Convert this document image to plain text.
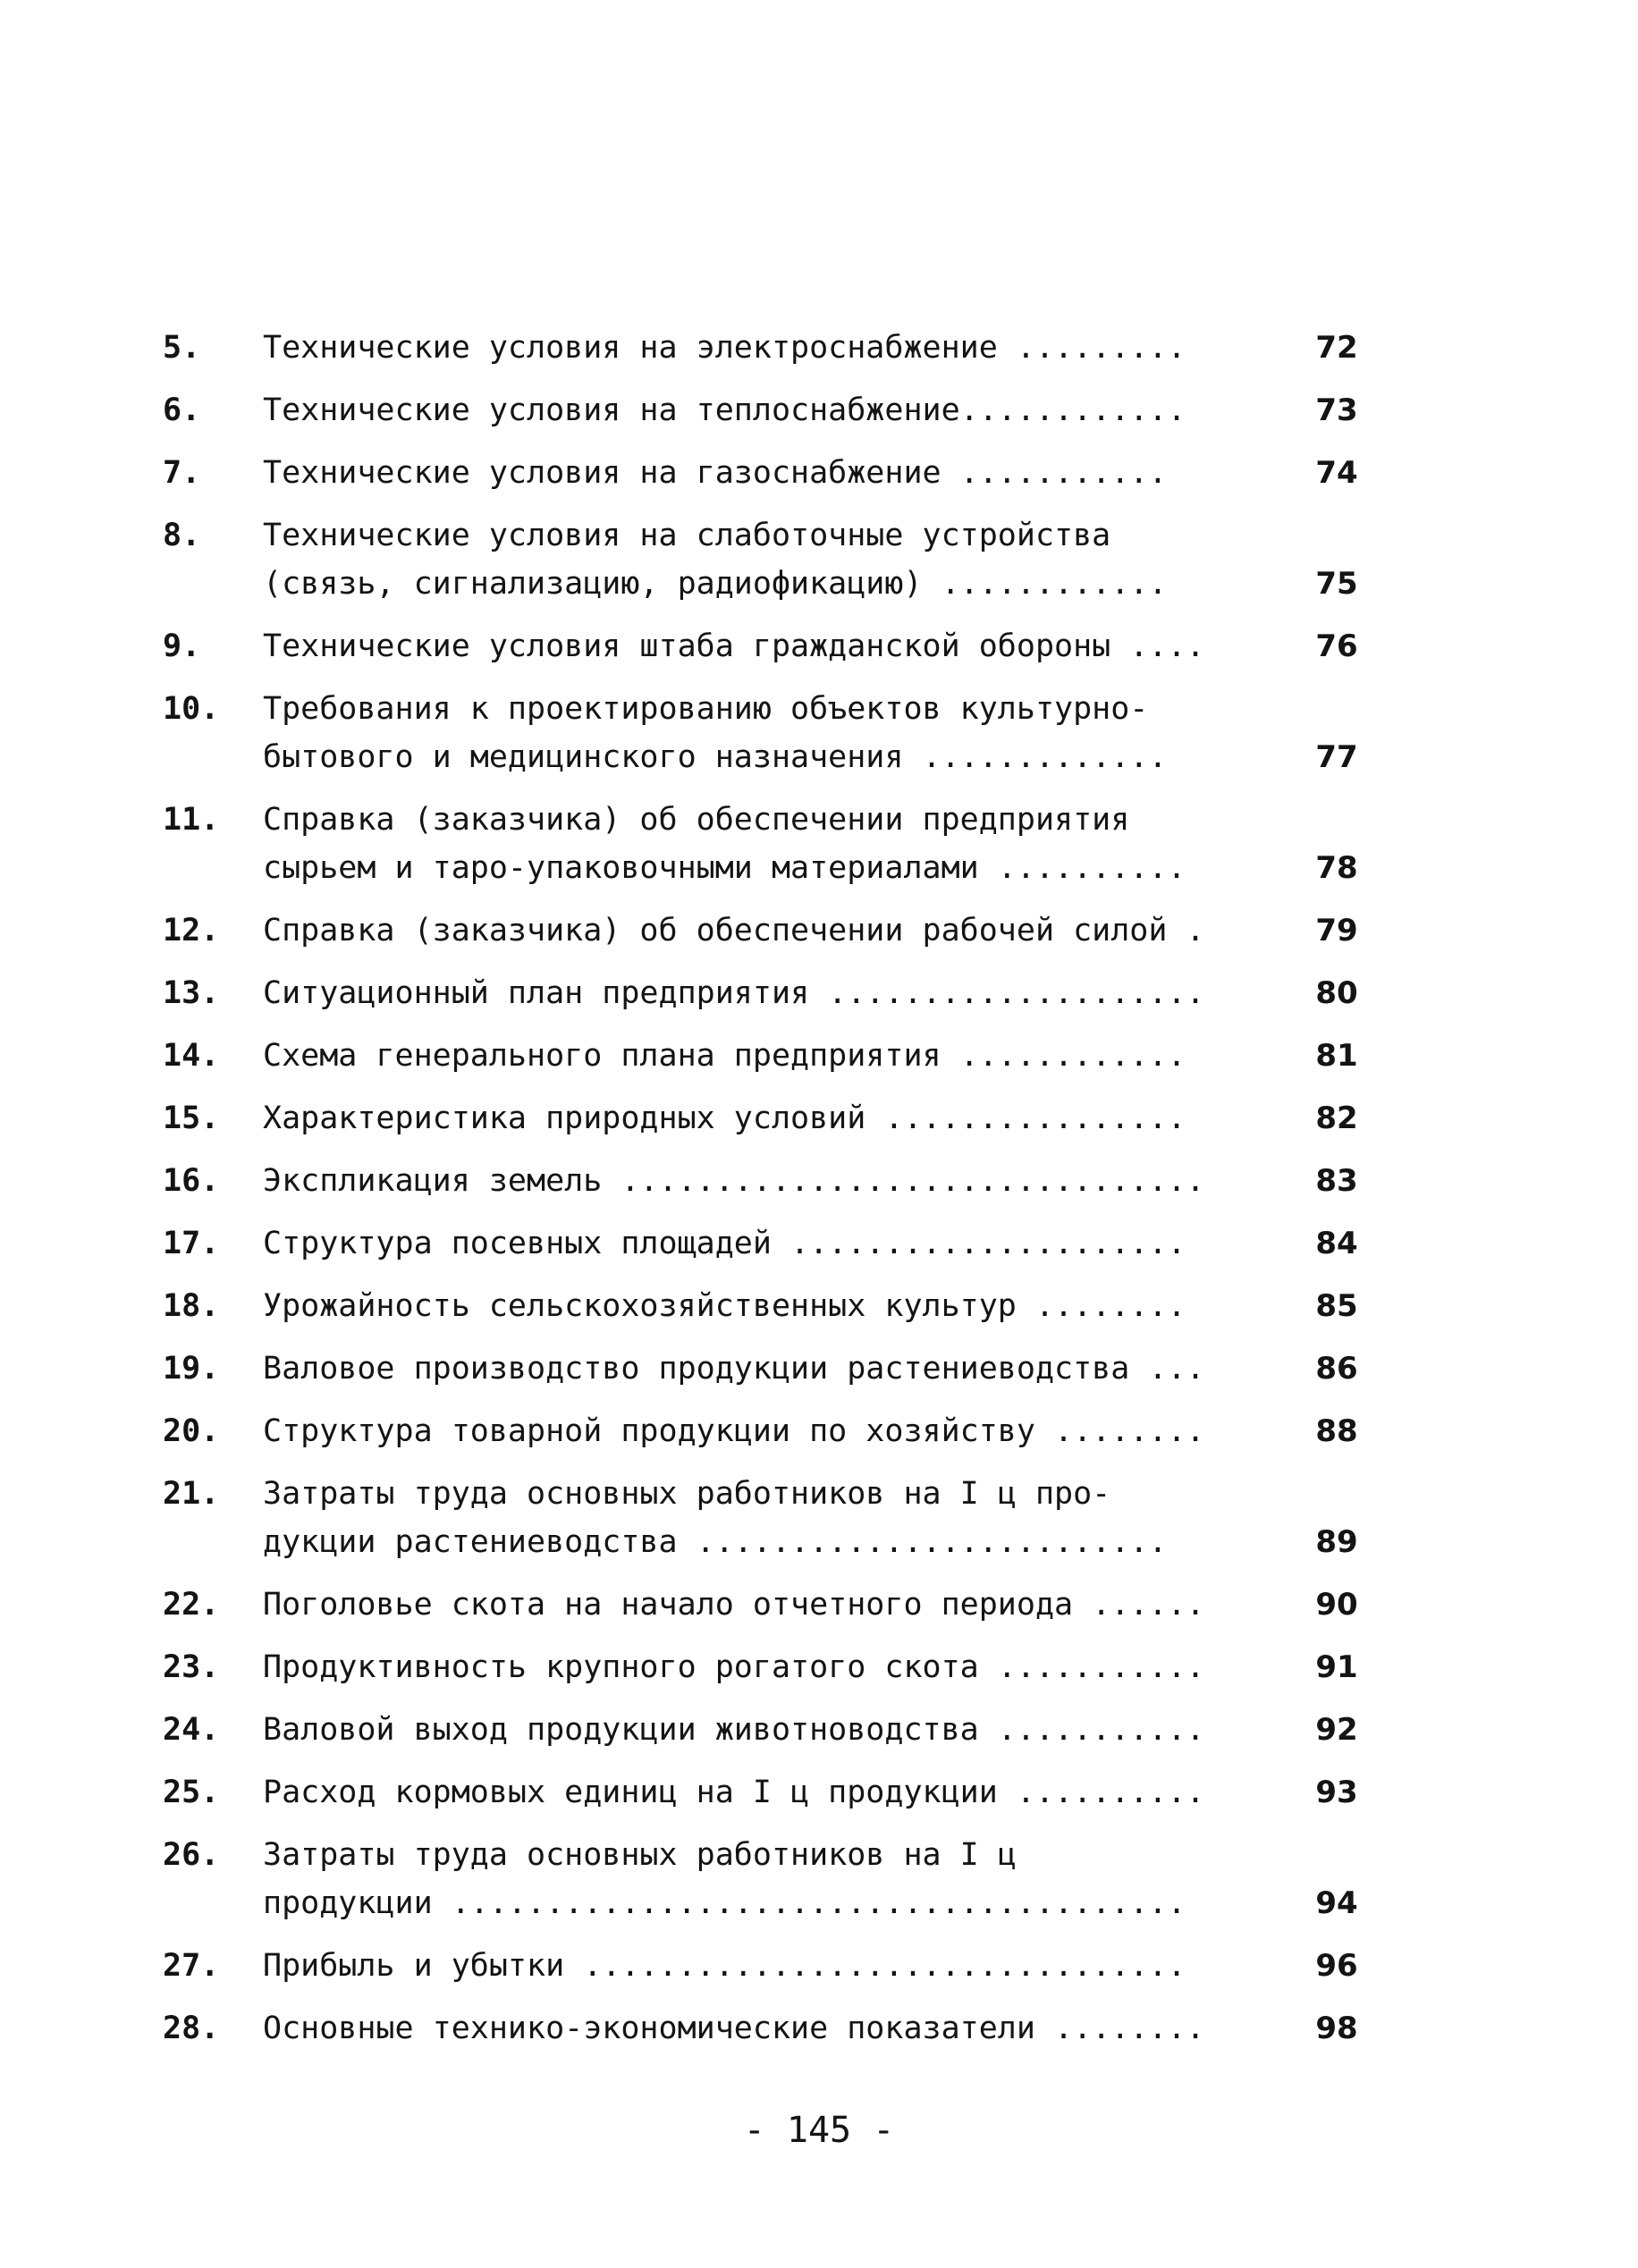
5.	Технические условия на электроснабжение .........	72
6.	Технические условия на теплоснабжение............	73
7.	Технические условия на газоснабжение ...........	74
8.	Технические условия на слаботочные устройства
(связь, сигнализацию, радиофикацию) ............	75
9.	Технические условия штаба гражданской обороны ....	76
10.	Требования к проектированию объектов культурно-
бытового и медицинского назначения .............	77
11.	Справка (заказчика) об обеспечении предприятия
сырьем и таро-упаковочными материалами ..........	78
12.	Справка (заказчика) об обеспечении рабочей силой .	79
13.	Ситуационный план предприятия ....................	80
14.	Схема генерального плана предприятия ............	81
15.	Характеристика природных условий ................	82
16.	Экспликация земель ...............................	83
17.	Структура посевных площадей .....................	84
18.	Урожайность сельскохозяйственных культур ........	85
19.	Валовое производство продукции растениеводства ...	86
20.	Структура товарной продукции по хозяйству ........	88
21.	Затраты труда основных работников на I ц про-
дукции растениеводства .........................	89
22.	Поголовье скота на начало отчетного периода ......	90
23.	Продуктивность крупного рогатого скота ...........	91
24.	Валовой выход продукции животноводства ...........	92
25.	Расход кормовых единиц на I ц продукции ..........	93
26.	Затраты труда основных работников на I ц
продукции .......................................	94
27.	Прибыль и убытки ................................	96
28.	Основные технико-экономические показатели ........	98
- 145 -
